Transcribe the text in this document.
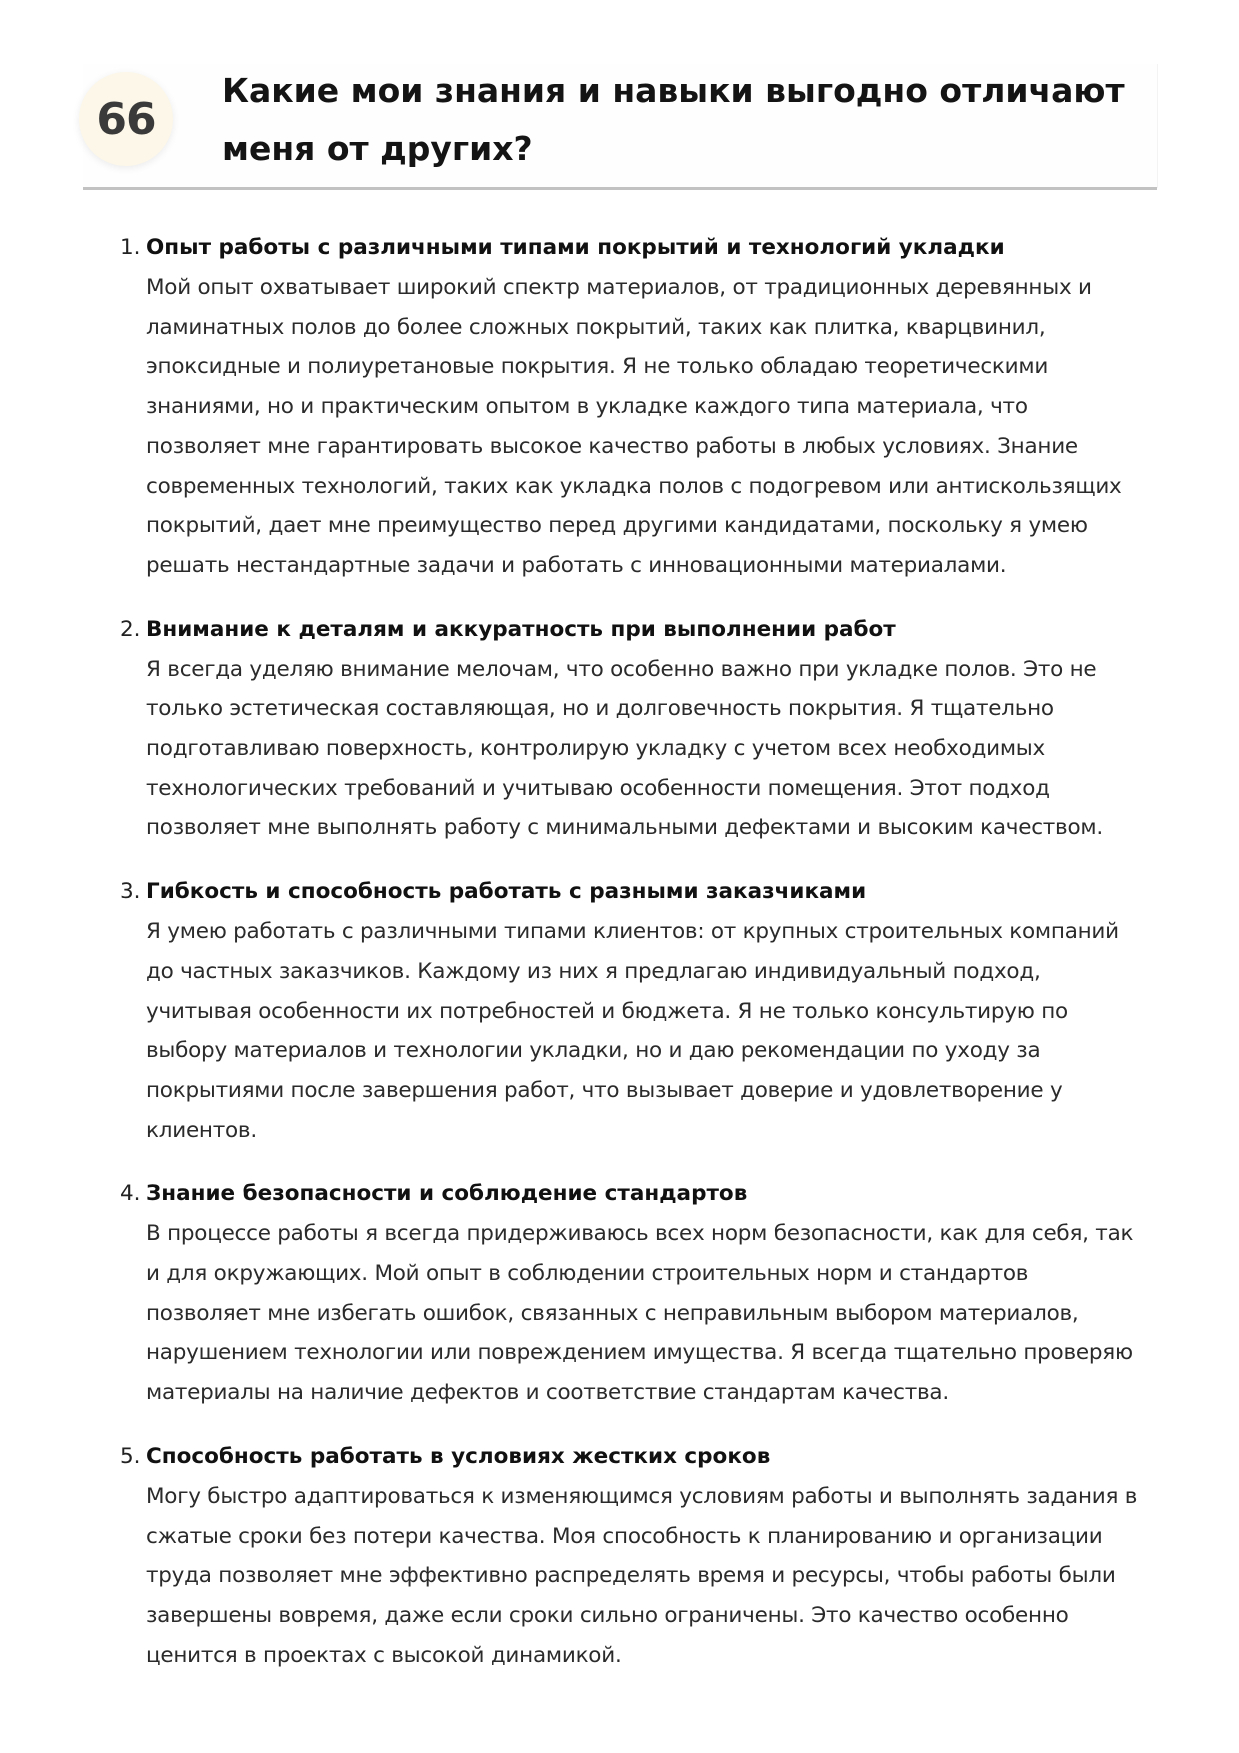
66
Какие мои знания и навыки выгодно отличают меня от других?
1. Опыт работы с различными типами покрытий и технологий укладки
Мой опыт охватывает широкий спектр материалов, от традиционных деревянных и ламинатных полов до более сложных покрытий, таких как плитка, кварцвинил, эпоксидные и полиуретановые покрытия. Я не только обладаю теоретическими знаниями, но и практическим опытом в укладке каждого типа материала, что позволяет мне гарантировать высокое качество работы в любых условиях. Знание современных технологий, таких как укладка полов с подогревом или антискользящих покрытий, дает мне преимущество перед другими кандидатами, поскольку я умею решать нестандартные задачи и работать с инновационными материалами.
2. Внимание к деталям и аккуратность при выполнении работ
Я всегда уделяю внимание мелочам, что особенно важно при укладке полов. Это не только эстетическая составляющая, но и долговечность покрытия. Я тщательно подготавливаю поверхность, контролирую укладку с учетом всех необходимых технологических требований и учитываю особенности помещения. Этот подход позволяет мне выполнять работу с минимальными дефектами и высоким качеством.
3. Гибкость и способность работать с разными заказчиками
Я умею работать с различными типами клиентов: от крупных строительных компаний до частных заказчиков. Каждому из них я предлагаю индивидуальный подход, учитывая особенности их потребностей и бюджета. Я не только консультирую по выбору материалов и технологии укладки, но и даю рекомендации по уходу за покрытиями после завершения работ, что вызывает доверие и удовлетворение у клиентов.
4. Знание безопасности и соблюдение стандартов
В процессе работы я всегда придерживаюсь всех норм безопасности, как для себя, так и для окружающих. Мой опыт в соблюдении строительных норм и стандартов позволяет мне избегать ошибок, связанных с неправильным выбором материалов, нарушением технологии или повреждением имущества. Я всегда тщательно проверяю материалы на наличие дефектов и соответствие стандартам качества.
5. Способность работать в условиях жестких сроков
Могу быстро адаптироваться к изменяющимся условиям работы и выполнять задания в сжатые сроки без потери качества. Моя способность к планированию и организации труда позволяет мне эффективно распределять время и ресурсы, чтобы работы были завершены вовремя, даже если сроки сильно ограничены. Это качество особенно ценится в проектах с высокой динамикой.
